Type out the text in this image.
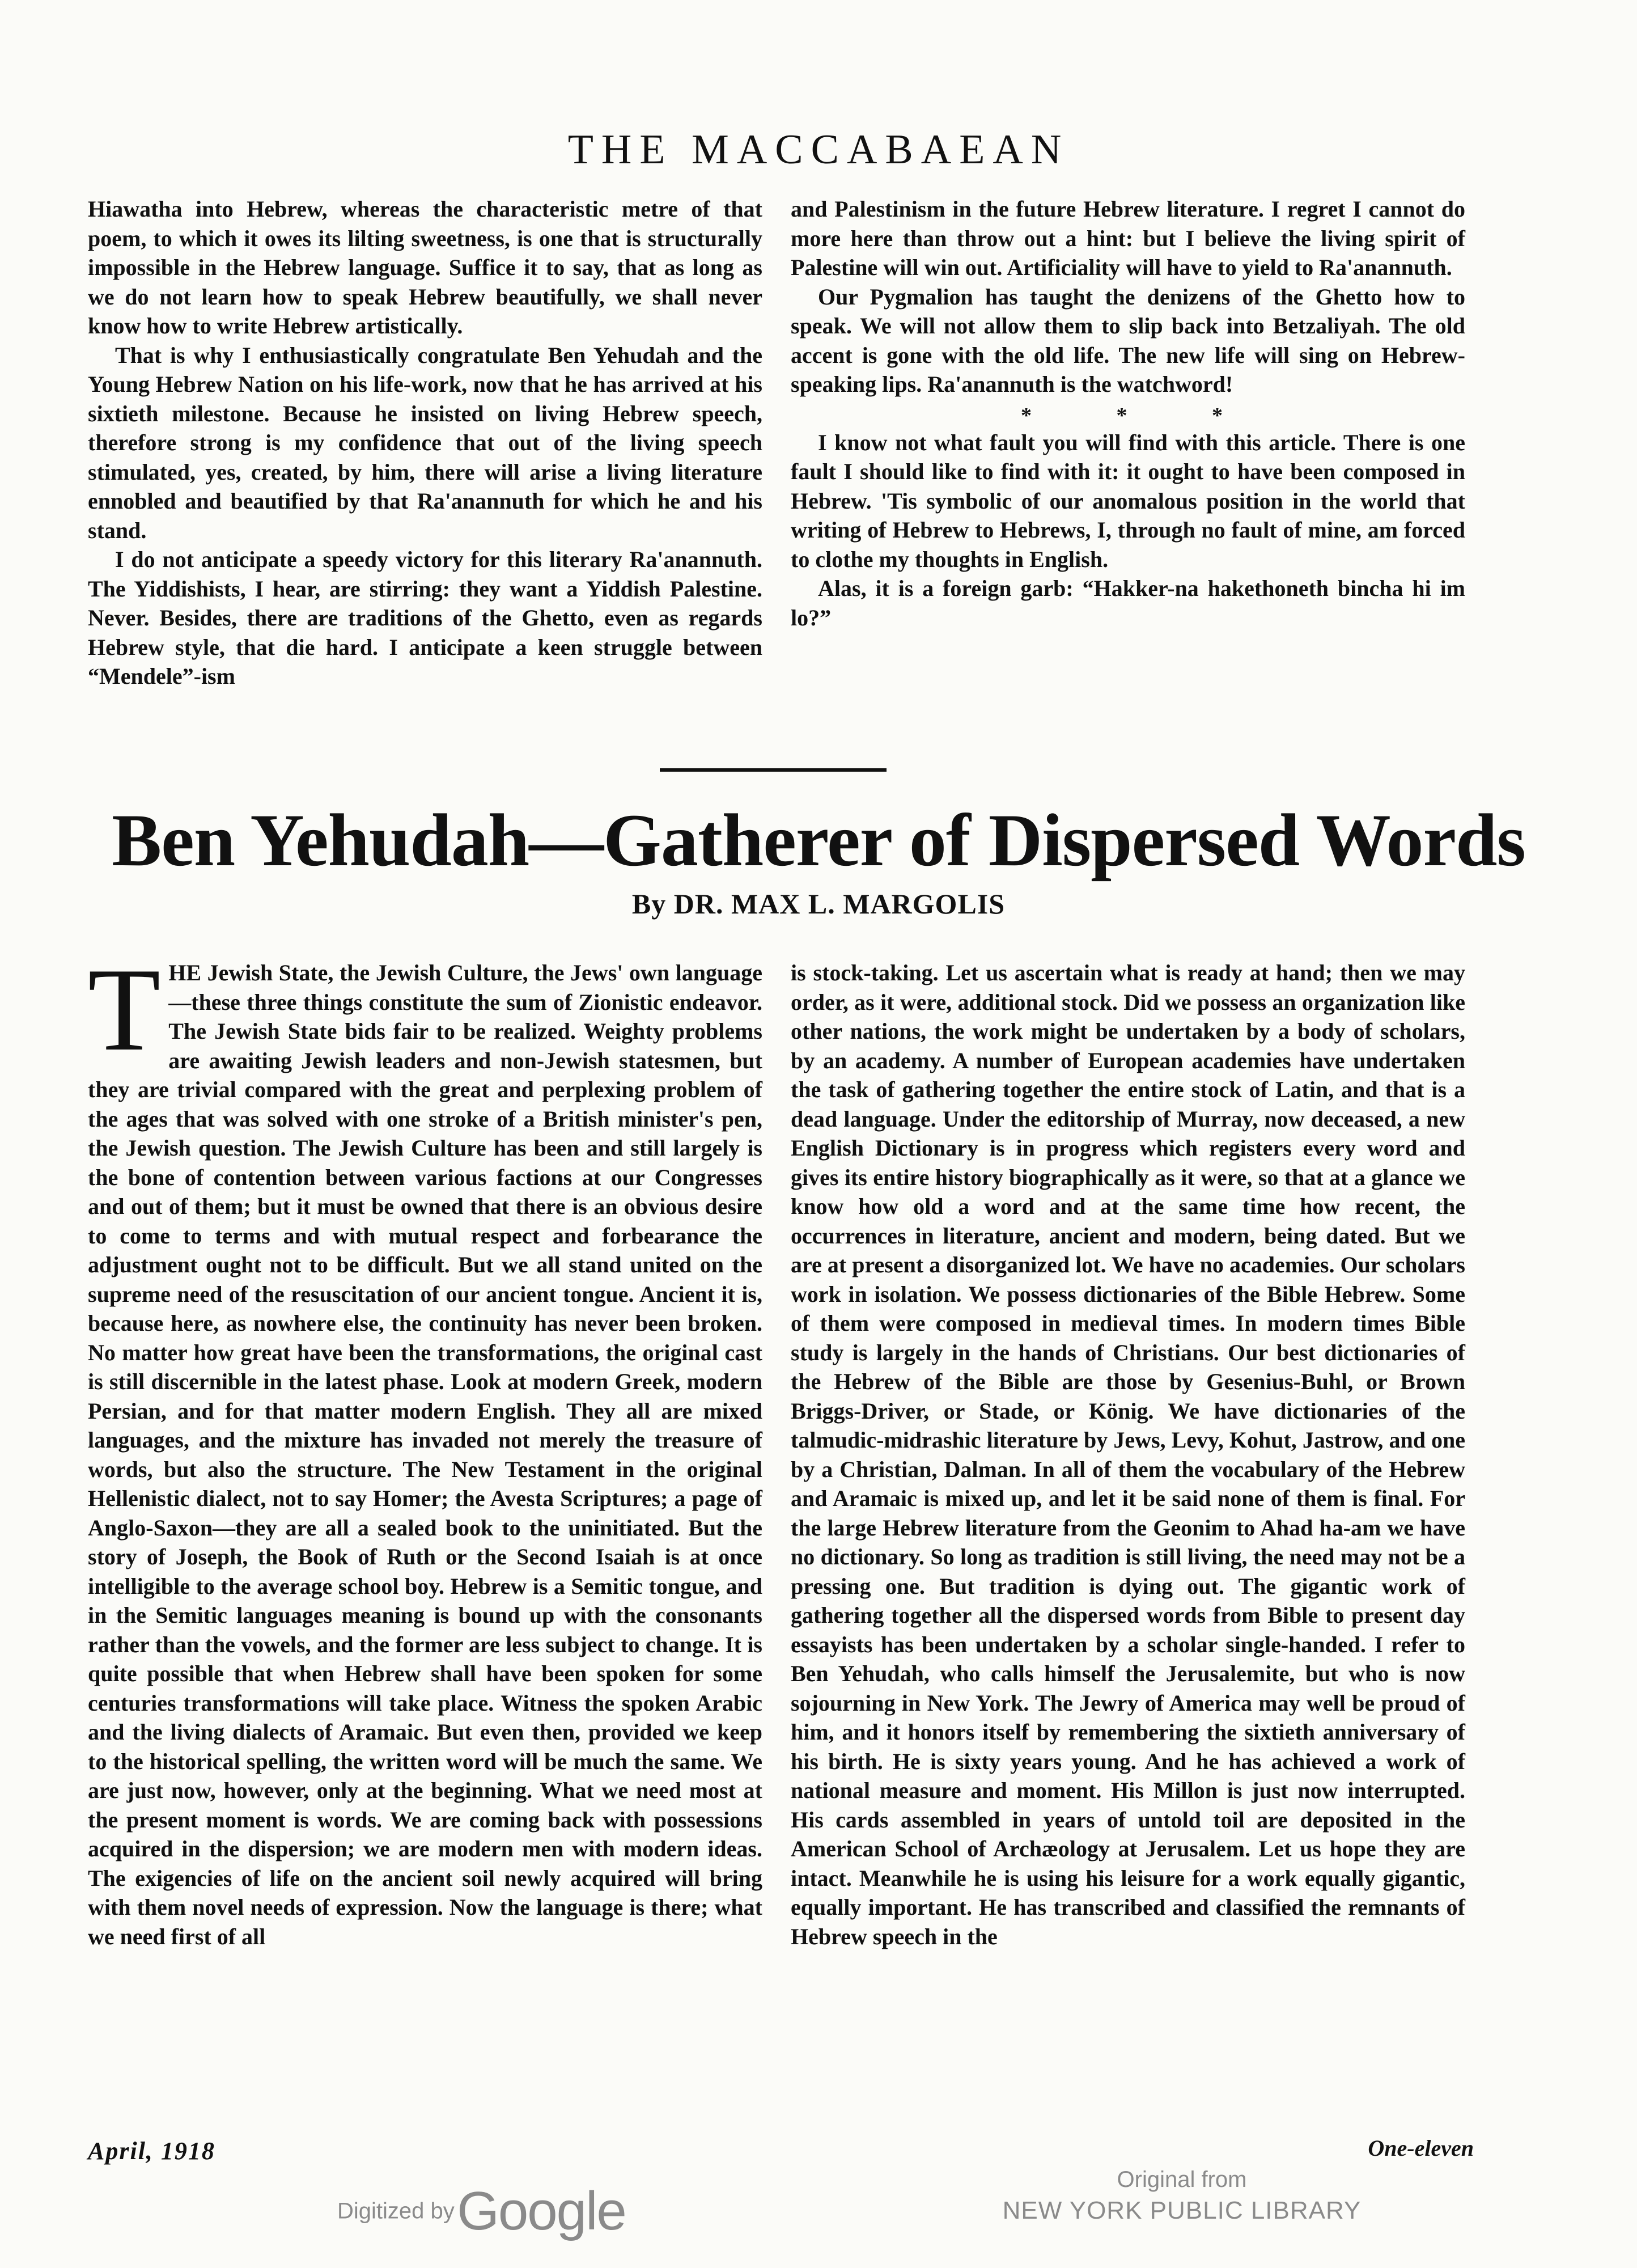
THE MACCABAEAN

Hiawatha into Hebrew, whereas the characteristic metre of that poem, to which it owes its lilting sweetness, is one that is structurally impossible in the Hebrew language. Suffice it to say, that as long as we do not learn how to speak Hebrew beautifully, we shall never know how to write Hebrew artistically.

That is why I enthusiastically congratulate Ben Yehudah and the Young Hebrew Nation on his life-work, now that he has arrived at his sixtieth milestone. Because he insisted on living Hebrew speech, therefore strong is my confidence that out of the living speech stimulated, yes, created, by him, there will arise a living literature ennobled and beautified by that Ra'anannuth for which he and his stand.

I do not anticipate a speedy victory for this literary Ra'anannuth. The Yiddishists, I hear, are stirring: they want a Yiddish Palestine. Never. Besides, there are traditions of the Ghetto, even as regards Hebrew style, that die hard. I anticipate a keen struggle between “Mendele”-ism

and Palestinism in the future Hebrew literature. I regret I cannot do more here than throw out a hint: but I believe the living spirit of Palestine will win out. Artificiality will have to yield to Ra'anannuth.

Our Pygmalion has taught the denizens of the Ghetto how to speak. We will not allow them to slip back into Betzaliyah. The old accent is gone with the old life. The new life will sing on Hebrew-speaking lips. Ra'anannuth is the watchword!

* * *

I know not what fault you will find with this article. There is one fault I should like to find with it: it ought to have been composed in Hebrew. 'Tis symbolic of our anomalous position in the world that writing of Hebrew to Hebrews, I, through no fault of mine, am forced to clothe my thoughts in English.

Alas, it is a foreign garb: “Hakker-na hakethoneth bincha hi im lo?”

Ben Yehudah—Gatherer of Dispersed Words
By DR. MAX L. MARGOLIS

THE Jewish State, the Jewish Culture, the Jews' own language—these three things constitute the sum of Zionistic endeavor. The Jewish State bids fair to be realized. Weighty problems are awaiting Jewish leaders and non-Jewish statesmen, but they are trivial compared with the great and perplexing problem of the ages that was solved with one stroke of a British minister's pen, the Jewish question. The Jewish Culture has been and still largely is the bone of contention between various factions at our Congresses and out of them; but it must be owned that there is an obvious desire to come to terms and with mutual respect and forbearance the adjustment ought not to be difficult. But we all stand united on the supreme need of the resuscitation of our ancient tongue. Ancient it is, because here, as nowhere else, the continuity has never been broken. No matter how great have been the transformations, the original cast is still discernible in the latest phase. Look at modern Greek, modern Persian, and for that matter modern English. They all are mixed languages, and the mixture has invaded not merely the treasure of words, but also the structure. The New Testament in the original Hellenistic dialect, not to say Homer; the Avesta Scriptures; a page of Anglo-Saxon—they are all a sealed book to the uninitiated. But the story of Joseph, the Book of Ruth or the Second Isaiah is at once intelligible to the average school boy. Hebrew is a Semitic tongue, and in the Semitic languages meaning is bound up with the consonants rather than the vowels, and the former are less subject to change. It is quite possible that when Hebrew shall have been spoken for some centuries transformations will take place. Witness the spoken Arabic and the living dialects of Aramaic. But even then, provided we keep to the historical spelling, the written word will be much the same. We are just now, however, only at the beginning. What we need most at the present moment is words. We are coming back with possessions acquired in the dispersion; we are modern men with modern ideas. The exigencies of life on the ancient soil newly acquired will bring with them novel needs of expression. Now the language is there; what we need first of all

is stock-taking. Let us ascertain what is ready at hand; then we may order, as it were, additional stock. Did we possess an organization like other nations, the work might be undertaken by a body of scholars, by an academy. A number of European academies have undertaken the task of gathering together the entire stock of Latin, and that is a dead language. Under the editorship of Murray, now deceased, a new English Dictionary is in progress which registers every word and gives its entire history biographically as it were, so that at a glance we know how old a word and at the same time how recent, the occurrences in literature, ancient and modern, being dated. But we are at present a disorganized lot. We have no academies. Our scholars work in isolation. We possess dictionaries of the Bible Hebrew. Some of them were composed in medieval times. In modern times Bible study is largely in the hands of Christians. Our best dictionaries of the Hebrew of the Bible are those by Gesenius-Buhl, or Brown Briggs-Driver, or Stade, or König. We have dictionaries of the talmudic-midrashic literature by Jews, Levy, Kohut, Jastrow, and one by a Christian, Dalman. In all of them the vocabulary of the Hebrew and Aramaic is mixed up, and let it be said none of them is final. For the large Hebrew literature from the Geonim to Ahad ha-am we have no dictionary. So long as tradition is still living, the need may not be a pressing one. But tradition is dying out. The gigantic work of gathering together all the dispersed words from Bible to present day essayists has been undertaken by a scholar single-handed. I refer to Ben Yehudah, who calls himself the Jerusalemite, but who is now sojourning in New York. The Jewry of America may well be proud of him, and it honors itself by remembering the sixtieth anniversary of his birth. He is sixty years young. And he has achieved a work of national measure and moment. His Millon is just now interrupted. His cards assembled in years of untold toil are deposited in the American School of Archæology at Jerusalem. Let us hope they are intact. Meanwhile he is using his leisure for a work equally gigantic, equally important. He has transcribed and classified the remnants of Hebrew speech in the

April, 1918	One-eleven
Digitized by Google
Original from
NEW YORK PUBLIC LIBRARY
